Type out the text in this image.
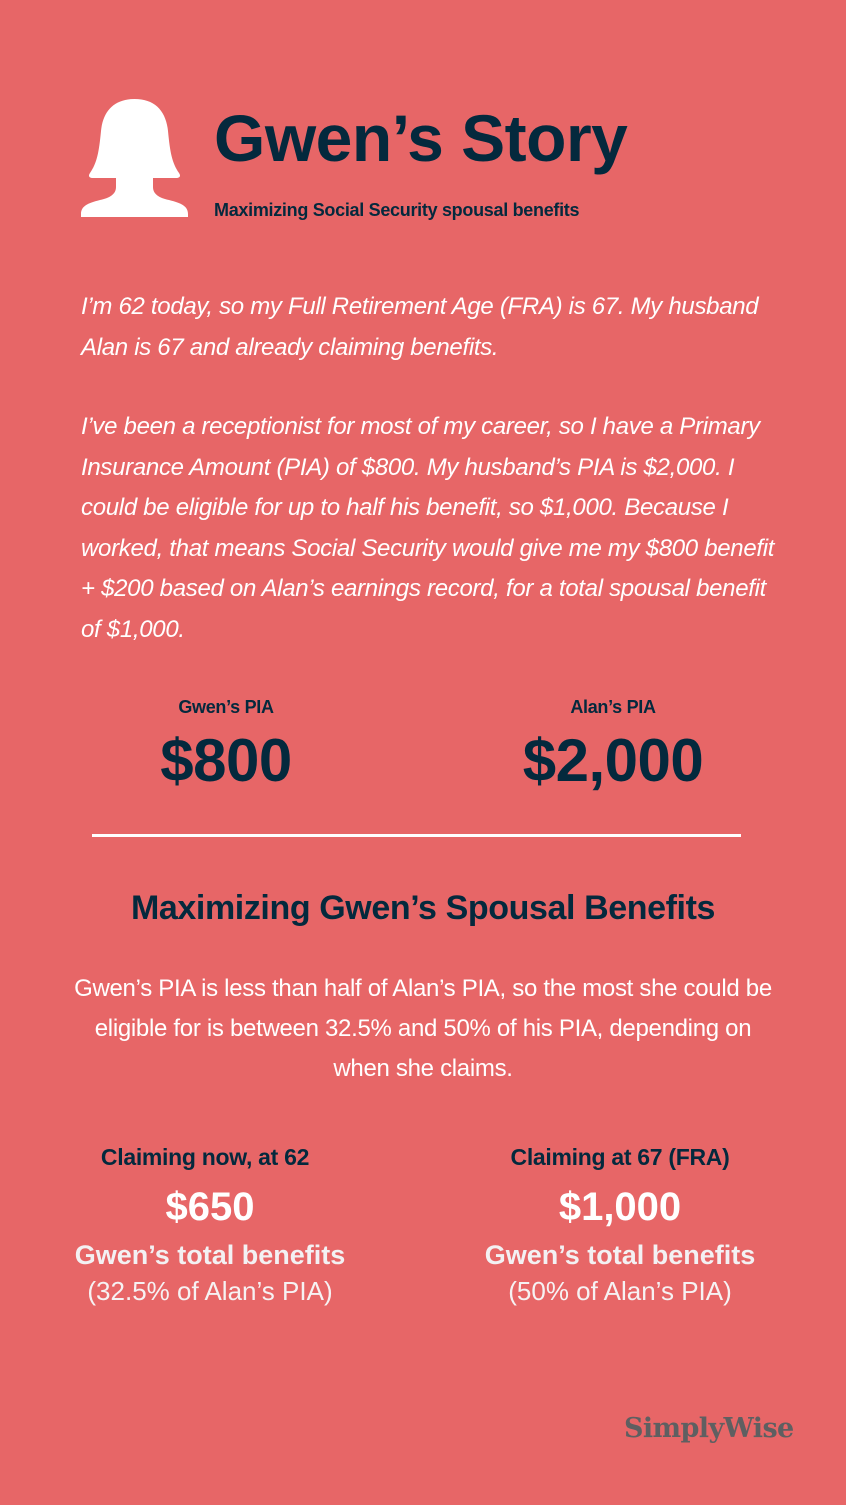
Gwen’s Story
Maximizing Social Security spousal benefits

I’m 62 today, so my Full Retirement Age (FRA) is 67. My husband Alan is 67 and already claiming benefits.

I’ve been a receptionist for most of my career, so I have a Primary Insurance Amount (PIA) of $800. My husband’s PIA is $2,000. I could be eligible for up to half his benefit, so $1,000. Because I worked, that means Social Security would give me my $800 benefit + $200 based on Alan’s earnings record, for a total spousal benefit of $1,000.

Gwen’s PIA
$800
Alan’s PIA
$2,000
Maximizing Gwen’s Spousal Benefits

Gwen’s PIA is less than half of Alan’s PIA, so the most she could be eligible for is between 32.5% and 50% of his PIA, depending on when she claims.

Claiming now, at 62
$650
Gwen’s total benefits
(32.5% of Alan’s PIA)
Claiming at 67 (FRA)
$1,000
Gwen’s total benefits
(50% of Alan’s PIA)
SimplyWise
